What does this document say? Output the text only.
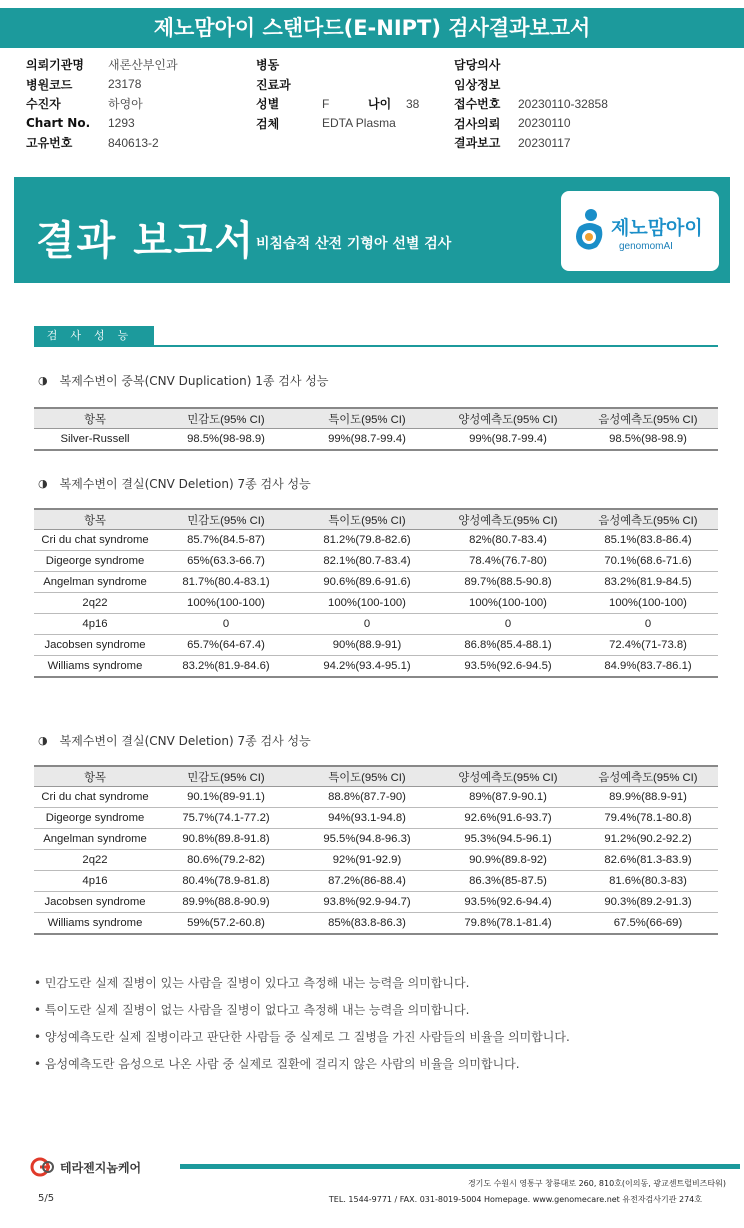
제노맘아이 스탠다드(E-NIPT) 검사결과보고서
의뢰기관명	새론산부인과
병원코드	23178
수진자	하영아
Chart No.	1293
고유번호	840613-2
병동
진료과
성별	F	나이	38
검체	EDTA Plasma
담당의사
임상정보
접수번호	20230110-32858
검사의뢰	20230110
결과보고	20230117
결과 보고서 비침습적 산전 기형아 선별 검사
제노맘아이
genomomAI
검사성능
◑ 복제수변이 중복(CNV Duplication) 1종 검사 성능
항목	민감도(95% CI)	특이도(95% CI)	양성예측도(95% CI)	음성예측도(95% CI)
Silver-Russell	98.5%(98-98.9)	99%(98.7-99.4)	99%(98.7-99.4)	98.5%(98-98.9)
◑ 복제수변이 결실(CNV Deletion) 7종 검사 성능
항목	민감도(95% CI)	특이도(95% CI)	양성예측도(95% CI)	음성예측도(95% CI)
Cri du chat syndrome	85.7%(84.5-87)	81.2%(79.8-82.6)	82%(80.7-83.4)	85.1%(83.8-86.4)
Digeorge syndrome	65%(63.3-66.7)	82.1%(80.7-83.4)	78.4%(76.7-80)	70.1%(68.6-71.6)
Angelman syndrome	81.7%(80.4-83.1)	90.6%(89.6-91.6)	89.7%(88.5-90.8)	83.2%(81.9-84.5)
2q22	100%(100-100)	100%(100-100)	100%(100-100)	100%(100-100)
4p16	0	0	0	0
Jacobsen syndrome	65.7%(64-67.4)	90%(88.9-91)	86.8%(85.4-88.1)	72.4%(71-73.8)
Williams syndrome	83.2%(81.9-84.6)	94.2%(93.4-95.1)	93.5%(92.6-94.5)	84.9%(83.7-86.1)
◑ 복제수변이 결실(CNV Deletion) 7종 검사 성능
항목	민감도(95% CI)	특이도(95% CI)	양성예측도(95% CI)	음성예측도(95% CI)
Cri du chat syndrome	90.1%(89-91.1)	88.8%(87.7-90)	89%(87.9-90.1)	89.9%(88.9-91)
Digeorge syndrome	75.7%(74.1-77.2)	94%(93.1-94.8)	92.6%(91.6-93.7)	79.4%(78.1-80.8)
Angelman syndrome	90.8%(89.8-91.8)	95.5%(94.8-96.3)	95.3%(94.5-96.1)	91.2%(90.2-92.2)
2q22	80.6%(79.2-82)	92%(91-92.9)	90.9%(89.8-92)	82.6%(81.3-83.9)
4p16	80.4%(78.9-81.8)	87.2%(86-88.4)	86.3%(85-87.5)	81.6%(80.3-83)
Jacobsen syndrome	89.9%(88.8-90.9)	93.8%(92.9-94.7)	93.5%(92.6-94.4)	90.3%(89.2-91.3)
Williams syndrome	59%(57.2-60.8)	85%(83.8-86.3)	79.8%(78.1-81.4)	67.5%(66-69)
• 민감도란 실제 질병이 있는 사람을 질병이 있다고 측정해 내는 능력을 의미합니다.
• 특이도란 실제 질병이 없는 사람을 질병이 없다고 측정해 내는 능력을 의미합니다.
• 양성예측도란 실제 질병이라고 판단한 사람들 중 실제로 그 질병을 가진 사람들의 비율을 의미합니다.
• 음성예측도란 음성으로 나온 사람 중 실제로 질환에 걸리지 않은 사람의 비율을 의미합니다.
테라젠지놈케어
경기도 수원시 영통구 창룡대로 260, 810호(이의동, 광교센트럴비즈타워)
TEL. 1544-9771 / FAX. 031-8019-5004 Homepage. www.genomecare.net 유전자검사기관 274호
5/5
